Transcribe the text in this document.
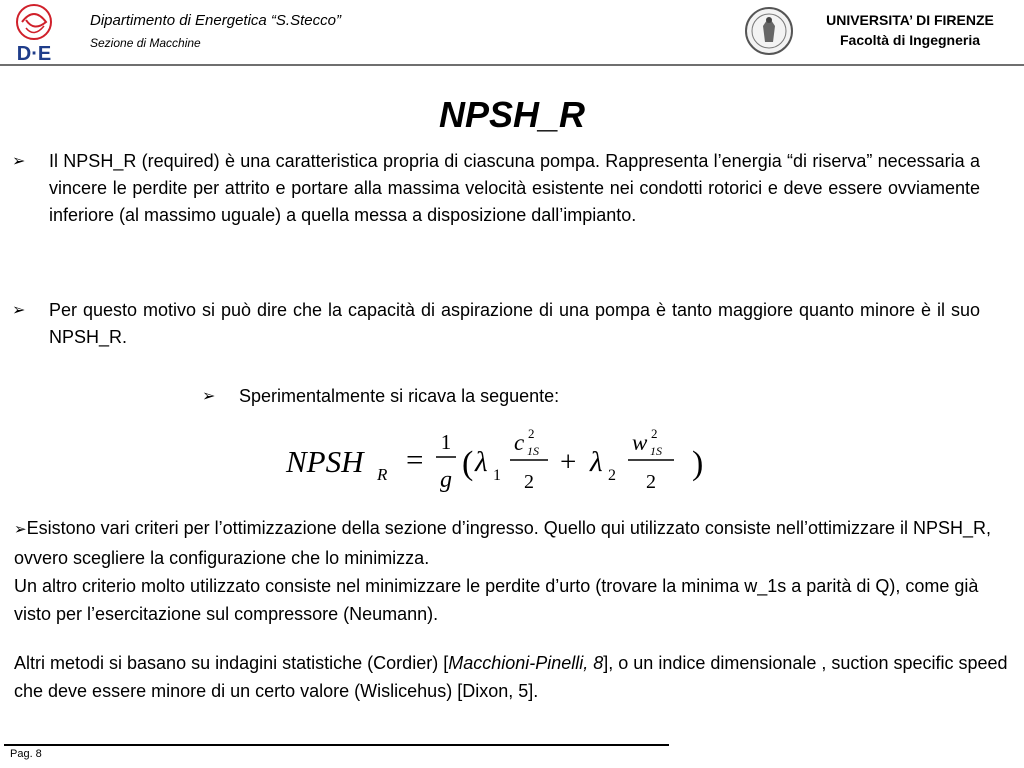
D·E
Dipartimento di Energetica “S.Stecco”
Sezione di Macchine
UNIVERSITA’ DI FIRENZE
Facoltà di Ingegneria
NPSH_R
➢ Il NPSH_R (required) è una caratteristica propria di ciascuna pompa. Rappresenta l’energia “di riserva” necessaria a vincere le perdite per attrito e portare alla massima velocità esistente nei condotti rotorici e deve essere ovviamente inferiore (al massimo uguale) a quella messa a disposizione dall’impianto.
➢ Per questo motivo si può dire che la capacità di aspirazione di una pompa è tanto maggiore quanto minore è il suo NPSH_R.
➢ Sperimentalmente si ricava la seguente:
NPSH R = 1
g ( λ 1
c 2
1S
2
+ λ 2
w 2
1S
2 )
➢Esistono vari criteri per l’ottimizzazione della sezione d’ingresso. Quello qui utilizzato consiste nell’ottimizzare il NPSH_R, ovvero scegliere la configurazione che lo minimizza.
Un altro criterio molto utilizzato consiste nel minimizzare le perdite d’urto (trovare la minima w_1s a parità di Q), come già visto per l’esercitazione sul compressore (Neumann).
Altri metodi si basano su indagini statistiche (Cordier) [Macchioni-Pinelli, 8], o un indice dimensionale , suction specific speed che deve essere minore di un certo valore (Wislicehus) [Dixon, 5].
Pag. 8
